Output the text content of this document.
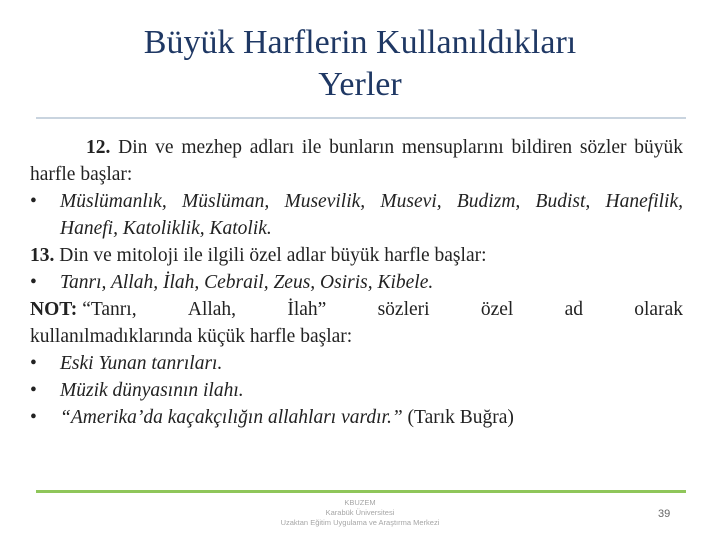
Büyük Harflerin Kullanıldıkları
Yerler

12. Din ve mezhep adları ile bunların mensuplarını bildiren sözler büyük harfle başlar:

•	Müslümanlık, Müslüman, Musevilik, Musevi, Budizm, Budist, Hanefilik, Hanefi, Katoliklik, Katolik.

13. Din ve mitoloji ile ilgili özel adlar büyük harfle başlar:

•	Tanrı, Allah, İlah, Cebrail, Zeus, Osiris, Kibele.

NOT: “Tanrı,	Allah,	İlah”	sözleri	özel	ad	olarak

kullanılmadıklarında küçük harfle başlar:

•	Eski Yunan tanrıları.

•	Müzik dünyasının ilahı.

•	“Amerika’da kaçakçılığın allahları vardır.” (Tarık Buğra)

KBUZEM
Karabük Üniversitesi
Uzaktan Eğitim Uygulama ve Araştırma Merkezi
39
